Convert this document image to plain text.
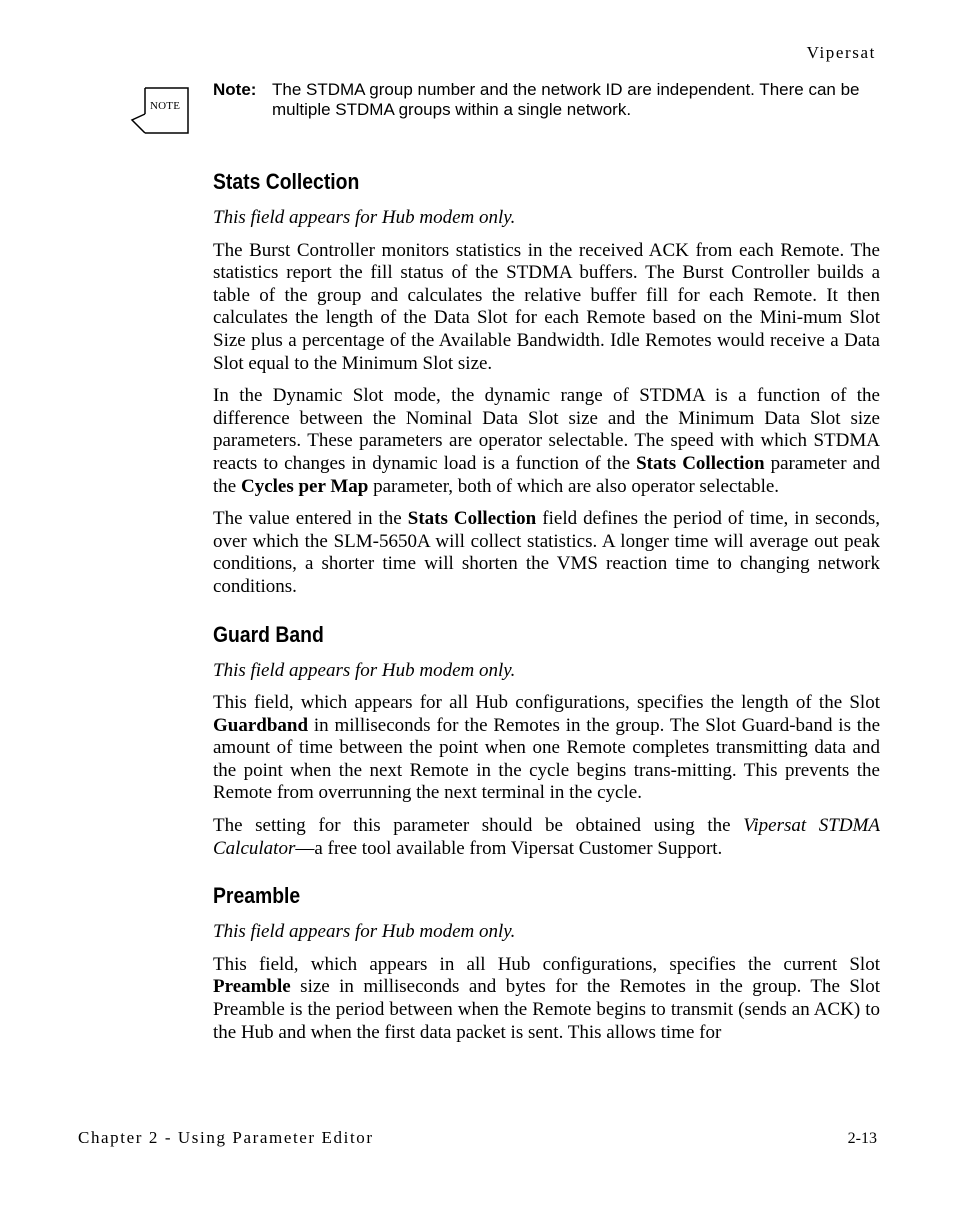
Vipersat
NOTE
Note: The STDMA group number and the network ID are independent. There can be multiple STDMA groups within a single network.
Stats Collection

This field appears for Hub modem only.

The Burst Controller monitors statistics in the received ACK from each Remote. The statistics report the fill status of the STDMA buffers. The Burst Controller builds a table of the group and calculates the relative buffer fill for each Remote. It then calculates the length of the Data Slot for each Remote based on the Mini-mum Slot Size plus a percentage of the Available Bandwidth. Idle Remotes would receive a Data Slot equal to the Minimum Slot size.

In the Dynamic Slot mode, the dynamic range of STDMA is a function of the difference between the Nominal Data Slot size and the Minimum Data Slot size parameters. These parameters are operator selectable. The speed with which STDMA reacts to changes in dynamic load is a function of the Stats Collection parameter and the Cycles per Map parameter, both of which are also operator selectable.

The value entered in the Stats Collection field defines the period of time, in seconds, over which the SLM-5650A will collect statistics. A longer time will average out peak conditions, a shorter time will shorten the VMS reaction time to changing network conditions.

Guard Band

This field appears for Hub modem only.

This field, which appears for all Hub configurations, specifies the length of the Slot Guardband in milliseconds for the Remotes in the group. The Slot Guard-band is the amount of time between the point when one Remote completes transmitting data and the point when the next Remote in the cycle begins trans-mitting. This prevents the Remote from overrunning the next terminal in the cycle.

The setting for this parameter should be obtained using the Vipersat STDMA Calculator—a free tool available from Vipersat Customer Support.

Preamble

This field appears for Hub modem only.

This field, which appears in all Hub configurations, specifies the current Slot Preamble size in milliseconds and bytes for the Remotes in the group. The Slot Preamble is the period between when the Remote begins to transmit (sends an ACK) to the Hub and when the first data packet is sent. This allows time for

Chapter 2 - Using Parameter Editor	2-13
